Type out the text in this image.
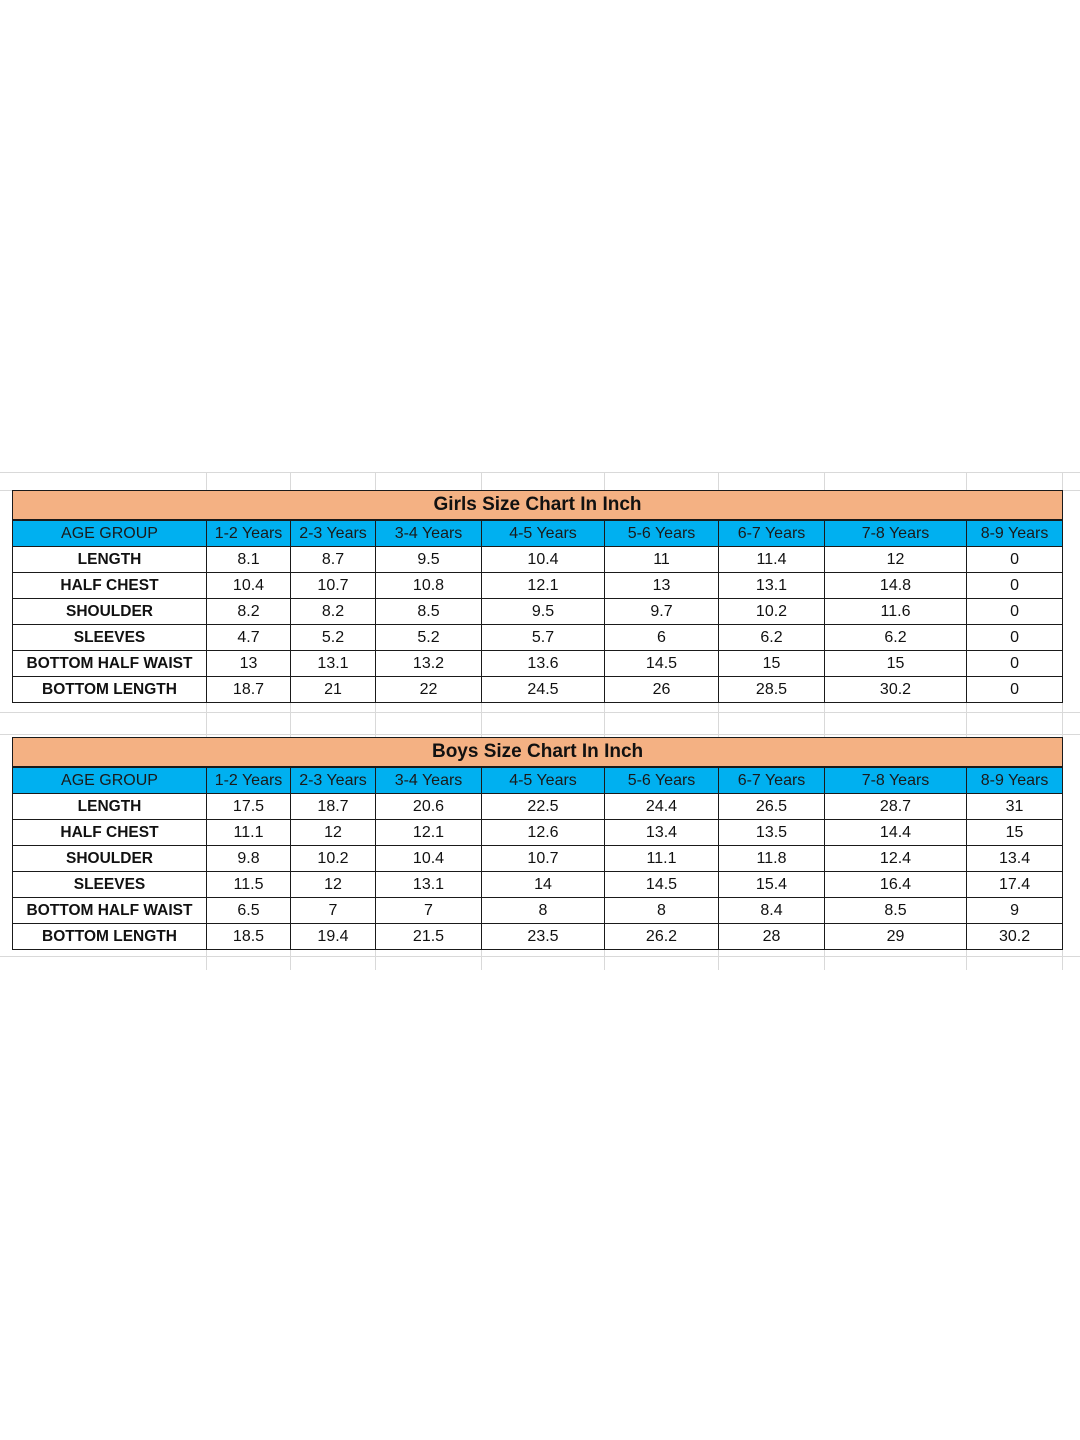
Girls Size Chart In Inch								
AGE GROUP	1-2 Years	2-3 Years	3-4 Years	4-5 Years	5-6 Years	6-7 Years	7-8 Years	8-9 Years
LENGTH	8.1	8.7	9.5	10.4	11	11.4	12	0
HALF CHEST	10.4	10.7	10.8	12.1	13	13.1	14.8	0
SHOULDER	8.2	8.2	8.5	9.5	9.7	10.2	11.6	0
SLEEVES	4.7	5.2	5.2	5.7	6	6.2	6.2	0
BOTTOM HALF WAIST	13	13.1	13.2	13.6	14.5	15	15	0
BOTTOM LENGTH	18.7	21	22	24.5	26	28.5	30.2	0
Boys Size Chart In Inch								
AGE GROUP	1-2 Years	2-3 Years	3-4 Years	4-5 Years	5-6 Years	6-7 Years	7-8 Years	8-9 Years
LENGTH	17.5	18.7	20.6	22.5	24.4	26.5	28.7	31
HALF CHEST	11.1	12	12.1	12.6	13.4	13.5	14.4	15
SHOULDER	9.8	10.2	10.4	10.7	11.1	11.8	12.4	13.4
SLEEVES	11.5	12	13.1	14	14.5	15.4	16.4	17.4
BOTTOM HALF WAIST	6.5	7	7	8	8	8.4	8.5	9
BOTTOM LENGTH	18.5	19.4	21.5	23.5	26.2	28	29	30.2
